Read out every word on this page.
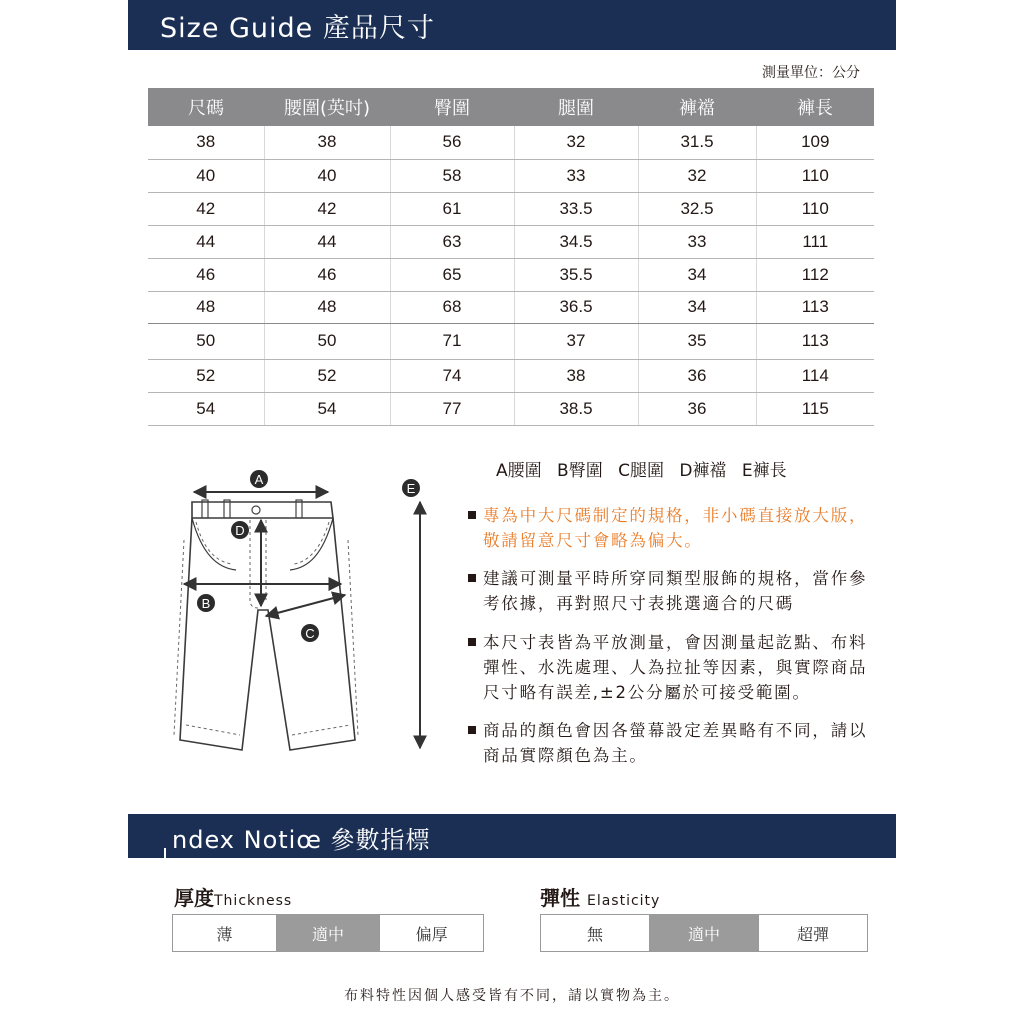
Size Guide 產品尺寸
測量單位：公分
尺碼	腰圍(英吋)	臀圍	腿圍	褲襠	褲長
38	38	56	32	31.5	109
40	40	58	33	32	110
42	42	61	33.5	32.5	110
44	44	63	34.5	33	111
46	46	65	35.5	34	112
48	48	68	36.5	34	113
50	50	71	37	35	113
52	52	74	38	36	114
54	54	77	38.5	36	115
A
B
C
D
E
A腰圍 B臀圍 C腿圍 D褲襠 E褲長
專為中大尺碼制定的規格，非小碼直接放大版，敬請留意尺寸會略為偏大。
建議可測量平時所穿同類型服飾的規格，當作參考依據，再對照尺寸表挑選適合的尺碼
本尺寸表皆為平放測量，會因測量起訖點、布料彈性、水洗處理、人為拉扯等因素，與實際商品尺寸略有誤差,±2公分屬於可接受範圍。
商品的顏色會因各螢幕設定差異略有不同，請以商品實際顏色為主。
ndex Notiœ 參數指標
厚度Thickness
薄	適中	偏厚
彈性 Elasticity
無	適中	超彈
布料特性因個人感受皆有不同，請以實物為主。
